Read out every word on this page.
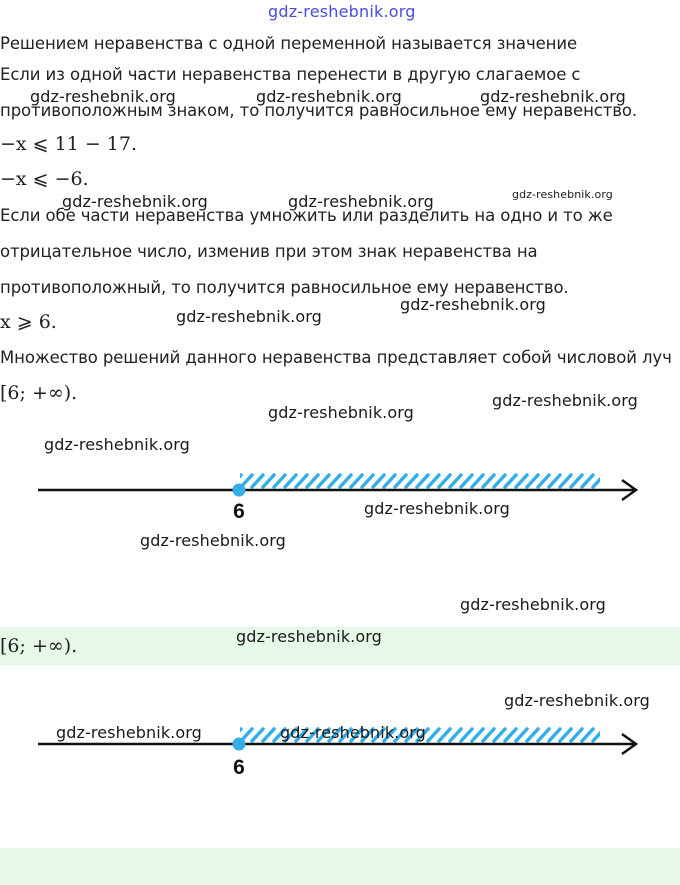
gdz-reshebnik.org

Решением неравенства с одной переменной называется значение

Если из одной части неравенства перенести в другую слагаемое с

противоположным знаком, то получится равносильное ему неравенство.

−x ⩽ 11 − 17.

−x ⩽ −6.

Если обе части неравенства умножить или разделить на одно и то же

отрицательное число, изменив при этом знак неравенства на

противоположный, то получится равносильное ему неравенство.

x ⩾ 6.

Множество решений данного неравенства представляет собой числовой луч

[6; +∞).

6

[6; +∞).

6
gdz-reshebnik.org	gdz-reshebnik.org	gdz-reshebnik.org
gdz-reshebnik.org	gdz-reshebnik.org	gdz-reshebnik.org
gdz-reshebnik.org
gdz-reshebnik.org
gdz-reshebnik.org
gdz-reshebnik.org
gdz-reshebnik.org
gdz-reshebnik.org
gdz-reshebnik.org
gdz-reshebnik.org
gdz-reshebnik.org
gdz-reshebnik.org
gdz-reshebnik.org	gdz-reshebnik.org
